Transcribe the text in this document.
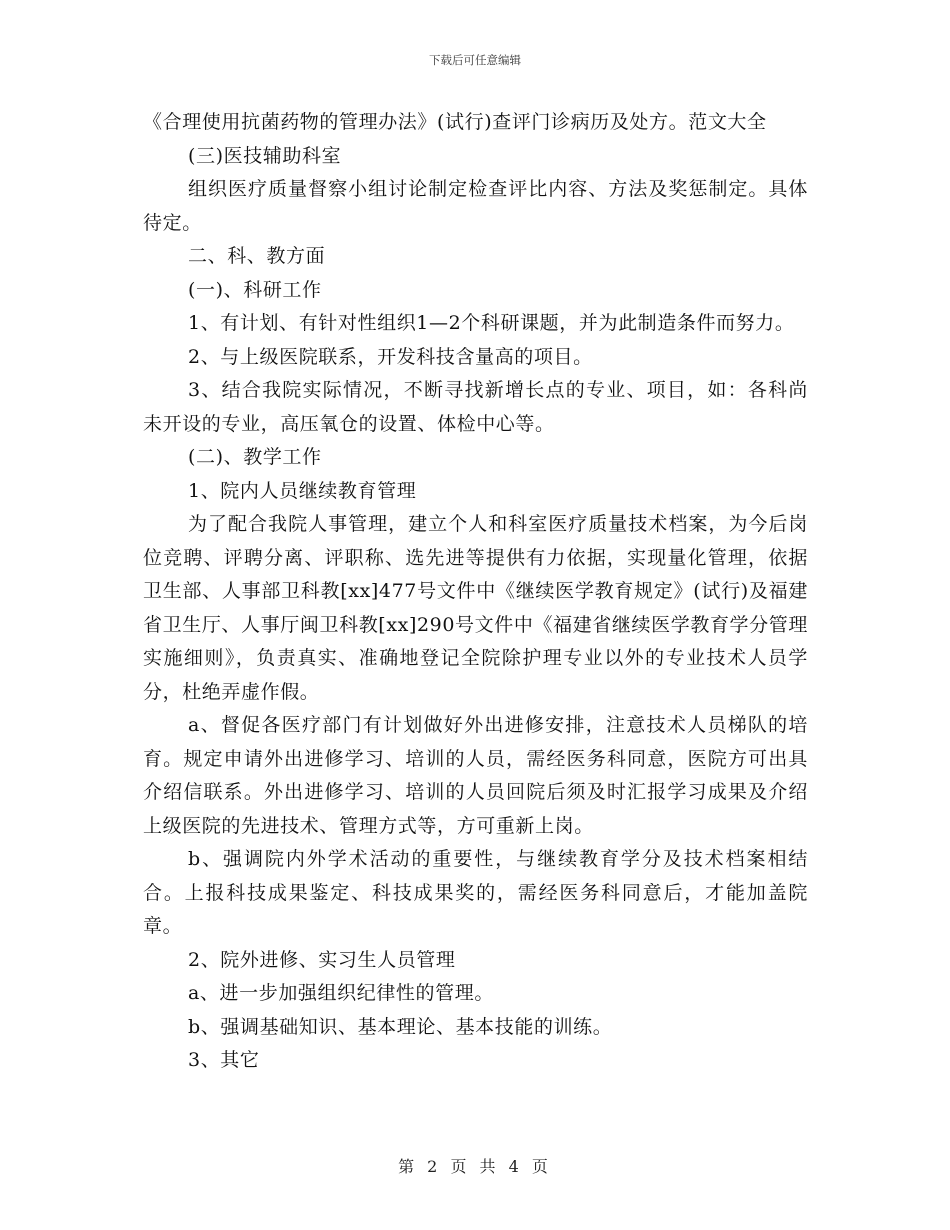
下载后可任意编辑

《合理使用抗菌药物的管理办法》(试行)查评门诊病历及处方。范文大全

(三)医技辅助科室

组织医疗质量督察小组讨论制定检查评比内容、方法及奖惩制定。具体待定。

二、科、教方面

(一)、科研工作

1、有计划、有针对性组织1—2个科研课题，并为此制造条件而努力。

2、与上级医院联系，开发科技含量高的项目。

3、结合我院实际情况，不断寻找新增长点的专业、项目，如：各科尚未开设的专业，高压氧仓的设置、体检中心等。

(二)、教学工作

1、院内人员继续教育管理

为了配合我院人事管理，建立个人和科室医疗质量技术档案，为今后岗位竞聘、评聘分离、评职称、选先进等提供有力依据，实现量化管理，依据卫生部、人事部卫科教[xx]477号文件中《继续医学教育规定》(试行)及福建省卫生厅、人事厅闽卫科教[xx]290号文件中《福建省继续医学教育学分管理实施细则》，负责真实、准确地登记全院除护理专业以外的专业技术人员学分，杜绝弄虚作假。

a、督促各医疗部门有计划做好外出进修安排，注意技术人员梯队的培育。规定申请外出进修学习、培训的人员，需经医务科同意，医院方可出具介绍信联系。外出进修学习、培训的人员回院后须及时汇报学习成果及介绍上级医院的先进技术、管理方式等，方可重新上岗。

b、强调院内外学术活动的重要性，与继续教育学分及技术档案相结合。上报科技成果鉴定、科技成果奖的，需经医务科同意后，才能加盖院章。

2、院外进修、实习生人员管理

a、进一步加强组织纪律性的管理。

b、强调基础知识、基本理论、基本技能的训练。

3、其它

第 2 页 共 4 页
